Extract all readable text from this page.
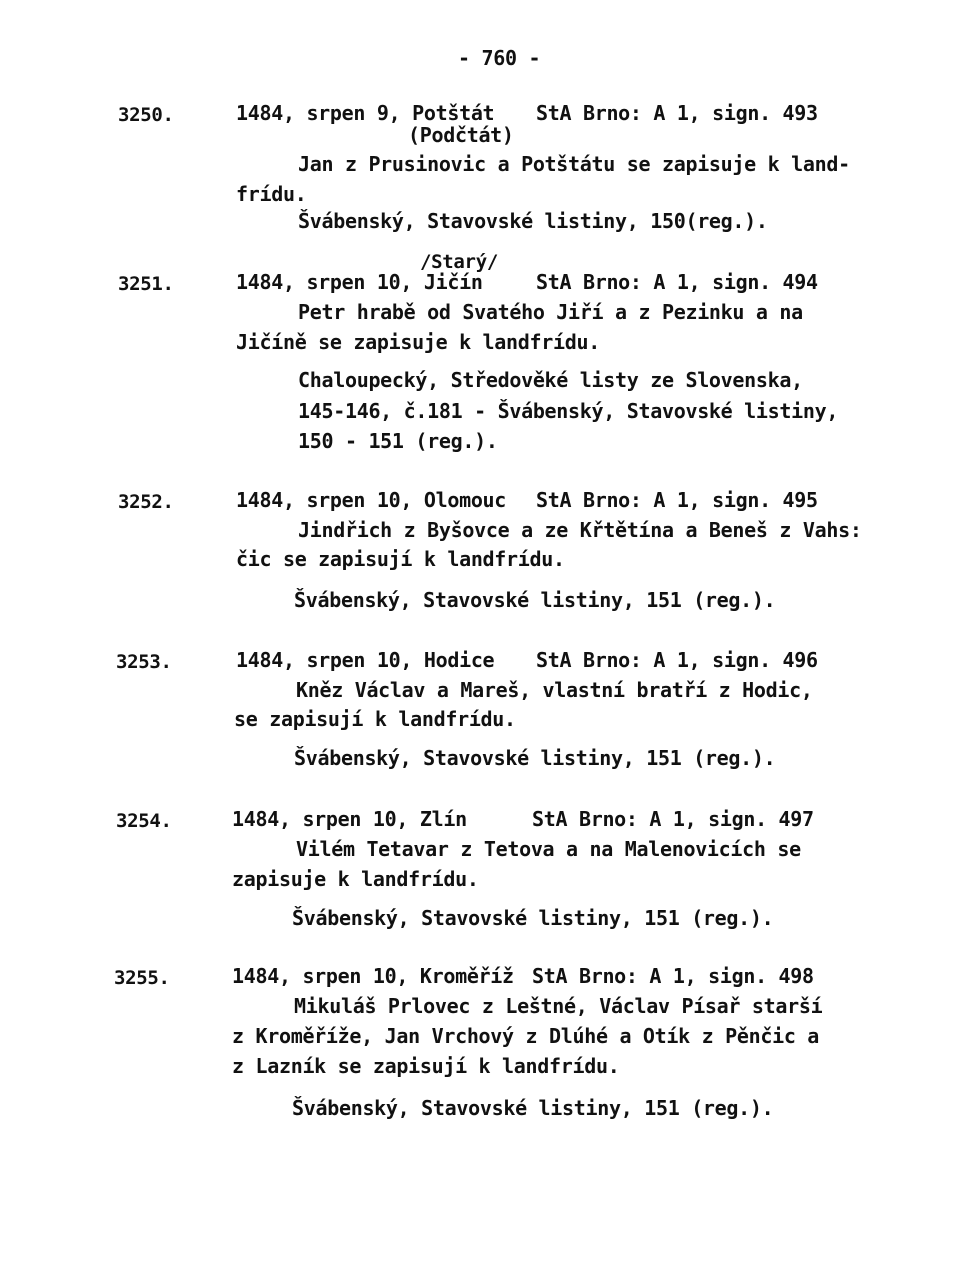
- 760 -
3250.	1484, srpen 9, Potštát StA Brno: A 1, sign. 493
(Podčtát)
Jan z Prusinovic a Potštátu se zapisuje k land-
frídu.
Švábenský, Stavovské listiny, 150(reg.).
/Starý/
3251.	1484, srpen 10, Jičín	StA Brno: A 1, sign. 494
Petr hrabě od Svatého Jiří a z Pezinku a na
Jičíně se zapisuje k landfrídu.
Chaloupecký, Středověké listy ze Slovenska,
145-146, č.181 - Švábenský, Stavovské listiny,
150 - 151 (reg.).
3252.	1484, srpen 10, Olomouc StA Brno: A 1, sign. 495
Jindřich z Byšovce a ze Křtětína a Beneš z Vahs:
čic se zapisují k landfrídu.
Švábenský, Stavovské listiny, 151 (reg.).
3253.	1484, srpen 10, Hodice StA Brno: A 1, sign. 496
Kněz Václav a Mareš, vlastní bratří z Hodic,
se zapisují k landfrídu.
Švábenský, Stavovské listiny, 151 (reg.).
3254.	1484, srpen 10, Zlín	StA Brno: A 1, sign. 497
Vilém Tetavar z Tetova a na Malenovicích se
zapisuje k landfrídu.
Švábenský, Stavovské listiny, 151 (reg.).
3255.	1484, srpen 10, Kroměříž StA Brno: A 1, sign. 498
Mikuláš Prlovec z Leštné, Václav Písař starší
z Kroměříže, Jan Vrchový z Dlúhé a Otík z Pěnčic a
z Lazník se zapisují k landfrídu.
Švábenský, Stavovské listiny, 151 (reg.).
